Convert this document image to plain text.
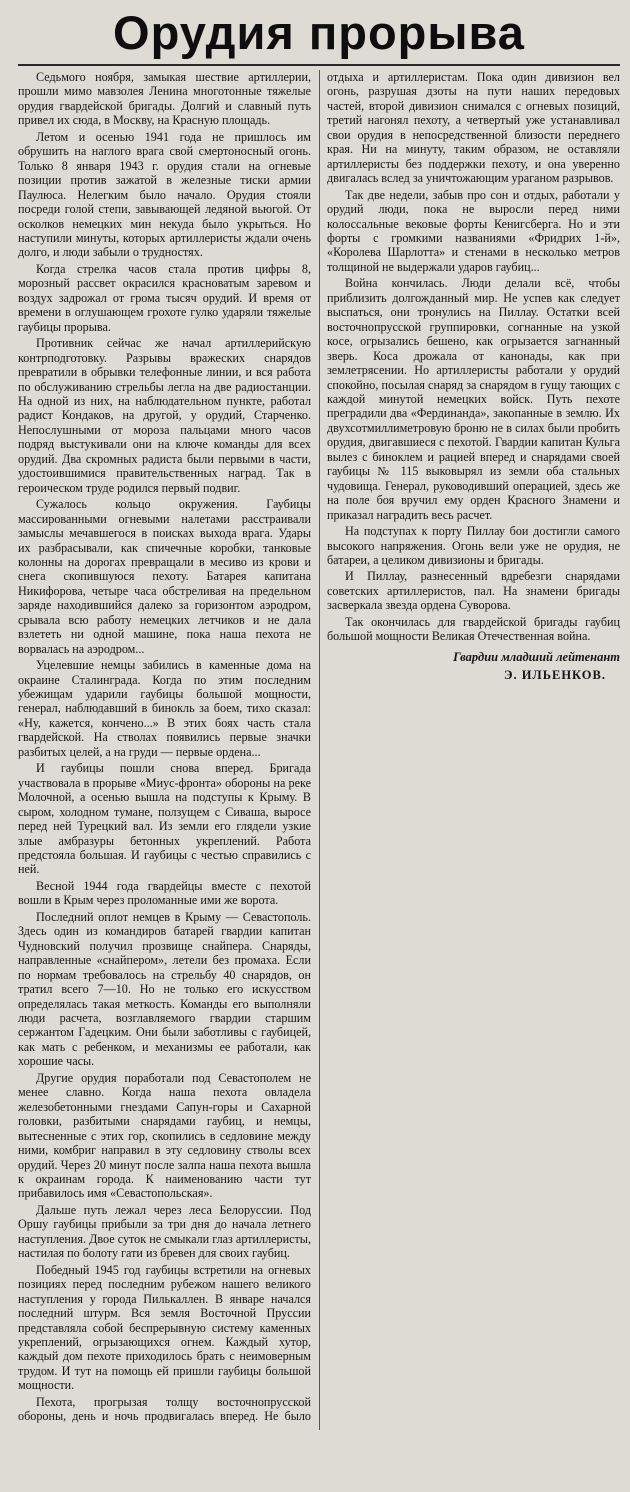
Орудия прорыва

Седьмого ноября, замыкая шествие артиллерии, прошли мимо мавзолея Ленина многотонные тяжелые орудия гвардейской бригады. Долгий и славный путь привел их сюда, в Москву, на Красную площадь.

Летом и осенью 1941 года не пришлось им обрушить на наглого врага свой смертоносный огонь. Только 8 января 1943 г. орудия стали на огневые позиции против зажатой в железные тиски армии Паулюса. Нелегким было начало. Орудия стояли посреди голой степи, завывающей ледяной вьюгой. От осколков немецких мин некуда было укрыться. Но наступили минуты, которых артиллеристы ждали очень долго, и люди забыли о трудностях.

Когда стрелка часов стала против цифры 8, морозный рассвет окрасился красноватым заревом и воздух задрожал от грома тысяч орудий. И время от времени в оглушающем грохоте гулко ударяли тяжелые гаубицы прорыва.

Противник сейчас же начал артиллерийскую контрподготовку. Разрывы вражеских снарядов превратили в обрывки телефонные линии, и вся работа по обслуживанию стрельбы легла на две радиостанции. На одной из них, на наблюдательном пункте, работал радист Кондаков, на другой, у орудий, Старченко. Непослушными от мороза пальцами много часов подряд выстукивали они на ключе команды для всех орудий. Два скромных радиста были первыми в части, удостоившимися правительственных наград. Так в героическом труде родился первый подвиг.

Сужалось кольцо окружения. Гаубицы массированными огневыми налетами расстраивали замыслы мечавшегося в поисках выхода врага. Удары их разбрасывали, как спичечные коробки, танковые колонны на дорогах превращали в месиво из крови и снега скопившуюся пехоту. Батарея капитана Никифорова, четыре часа обстреливая на предельном заряде находившийся далеко за горизонтом аэродром, срывала всю работу немецких летчиков и не дала взлететь ни одной машине, пока наша пехота не ворвалась на аэродром...

Уцелевшие немцы забились в каменные дома на окраине Сталинграда. Когда по этим последним убежищам ударили гаубицы большой мощности, генерал, наблюдавший в бинокль за боем, тихо сказал: «Ну, кажется, кончено...» В этих боях часть стала гвардейской. На стволах появились первые значки разбитых целей, а на груди — первые ордена...

И гаубицы пошли снова вперед. Бригада участвовала в прорыве «Миус-фронта» обороны на реке Молочной, а осенью вышла на подступы к Крыму. В сыром, холодном тумане, ползущем с Сиваша, выросе перед ней Турецкий вал. Из земли его глядели узкие злые амбразуры бетонных укреплений. Работа предстояла большая. И гаубицы с честью справились с ней.

Весной 1944 года гвардейцы вместе с пехотой вошли в Крым через проломанные ими же ворота.

Последний оплот немцев в Крыму — Севастополь. Здесь один из командиров батарей гвардии капитан Чудновский получил прозвище снайпера. Снаряды, направленные «снайпером», летели без промаха. Если по нормам требовалось на стрельбу 40 снарядов, он тратил всего 7—10. Но не только его искусством определялась такая меткость. Команды его выполняли люди расчета, возглавляемого гвардии старшим сержантом Гадецким. Они были заботливы с гаубицей, как мать с ребенком, и механизмы ее работали, как хорошие часы.

Другие орудия поработали под Севастополем не менее славно. Когда наша пехота овладела железобетонными гнездами Сапун-горы и Сахарной головки, разбитыми снарядами гаубиц, и немцы, вытесненные с этих гор, скопились в седловине между ними, комбриг направил в эту седловину стволы всех орудий. Через 20 минут после залпа наша пехота вышла к окраинам города. К наименованию части тут прибавилось имя «Севастопольская».

Дальше путь лежал через леса Белоруссии. Под Оршу гаубицы прибыли за три дня до начала летнего наступления. Двое суток не смыкали глаз артиллеристы, настилая по болоту гати из бревен для своих гаубиц.

Победный 1945 год гаубицы встретили на огневых позициях перед последним рубежом нашего великого наступления у города Пилькаллен. В январе начался последний штурм. Вся земля Восточной Пруссии представляла собой беспрерывную систему каменных укреплений, огрызающихся огнем. Каждый хутор, каждый дом пехоте приходилось брать с неимоверным трудом. И тут на помощь ей пришли гаубицы большой мощности.

Пехота, прогрызая толщу восточнопрусской обороны, день и ночь продвигалась вперед. Не было отдыха и артиллеристам. Пока один дивизион вел огонь, разрушая дзоты на пути наших передовых частей, второй дивизион снимался с огневых позиций, третий нагонял пехоту, а четвертый уже устанавливал свои орудия в непосредственной близости переднего края. Ни на минуту, таким образом, не оставляли артиллеристы без поддержки пехоту, и она уверенно двигалась вслед за уничтожающим ураганом разрывов.

Так две недели, забыв про сон и отдых, работали у орудий люди, пока не выросли перед ними колоссальные вековые форты Кенигсберга. Но и эти форты с громкими названиями «Фридрих 1-й», «Королева Шарлотта» и стенами в несколько метров толщиной не выдержали ударов гаубиц...

Война кончилась. Люди делали всё, чтобы приблизить долгожданный мир. Не успев как следует выспаться, они тронулись на Пиллау. Остатки всей восточнопрусской группировки, согнанные на узкой косе, огрызались бешено, как огрызается загнанный зверь. Коса дрожала от канонады, как при землетрясении. Но артиллеристы работали у орудий спокойно, посылая снаряд за снарядом в гущу тающих с каждой минутой немецких войск. Путь пехоте преградили два «Фердинанда», закопанные в землю. Их двухсотмиллиметровую броню не в силах были пробить орудия, двигавшиеся с пехотой. Гвардии капитан Кульга вылез с биноклем и рацией вперед и снарядами своей гаубицы № 115 выковырял из земли оба стальных чудовища. Генерал, руководивший операцией, здесь же на поле боя вручил ему орден Красного Знамени и приказал наградить весь расчет.

На подступах к порту Пиллау бои достигли самого высокого напряжения. Огонь вели уже не орудия, не батареи, а целиком дивизионы и бригады.

И Пиллау, разнесенный вдребезги снарядами советских артиллеристов, пал. На знамени бригады засверкала звезда ордена Суворова.

Так окончилась для гвардейской бригады гаубиц большой мощности Великая Отечественная война.

Гвардии младший лейтенант
Э. ИЛЬЕНКОВ.
